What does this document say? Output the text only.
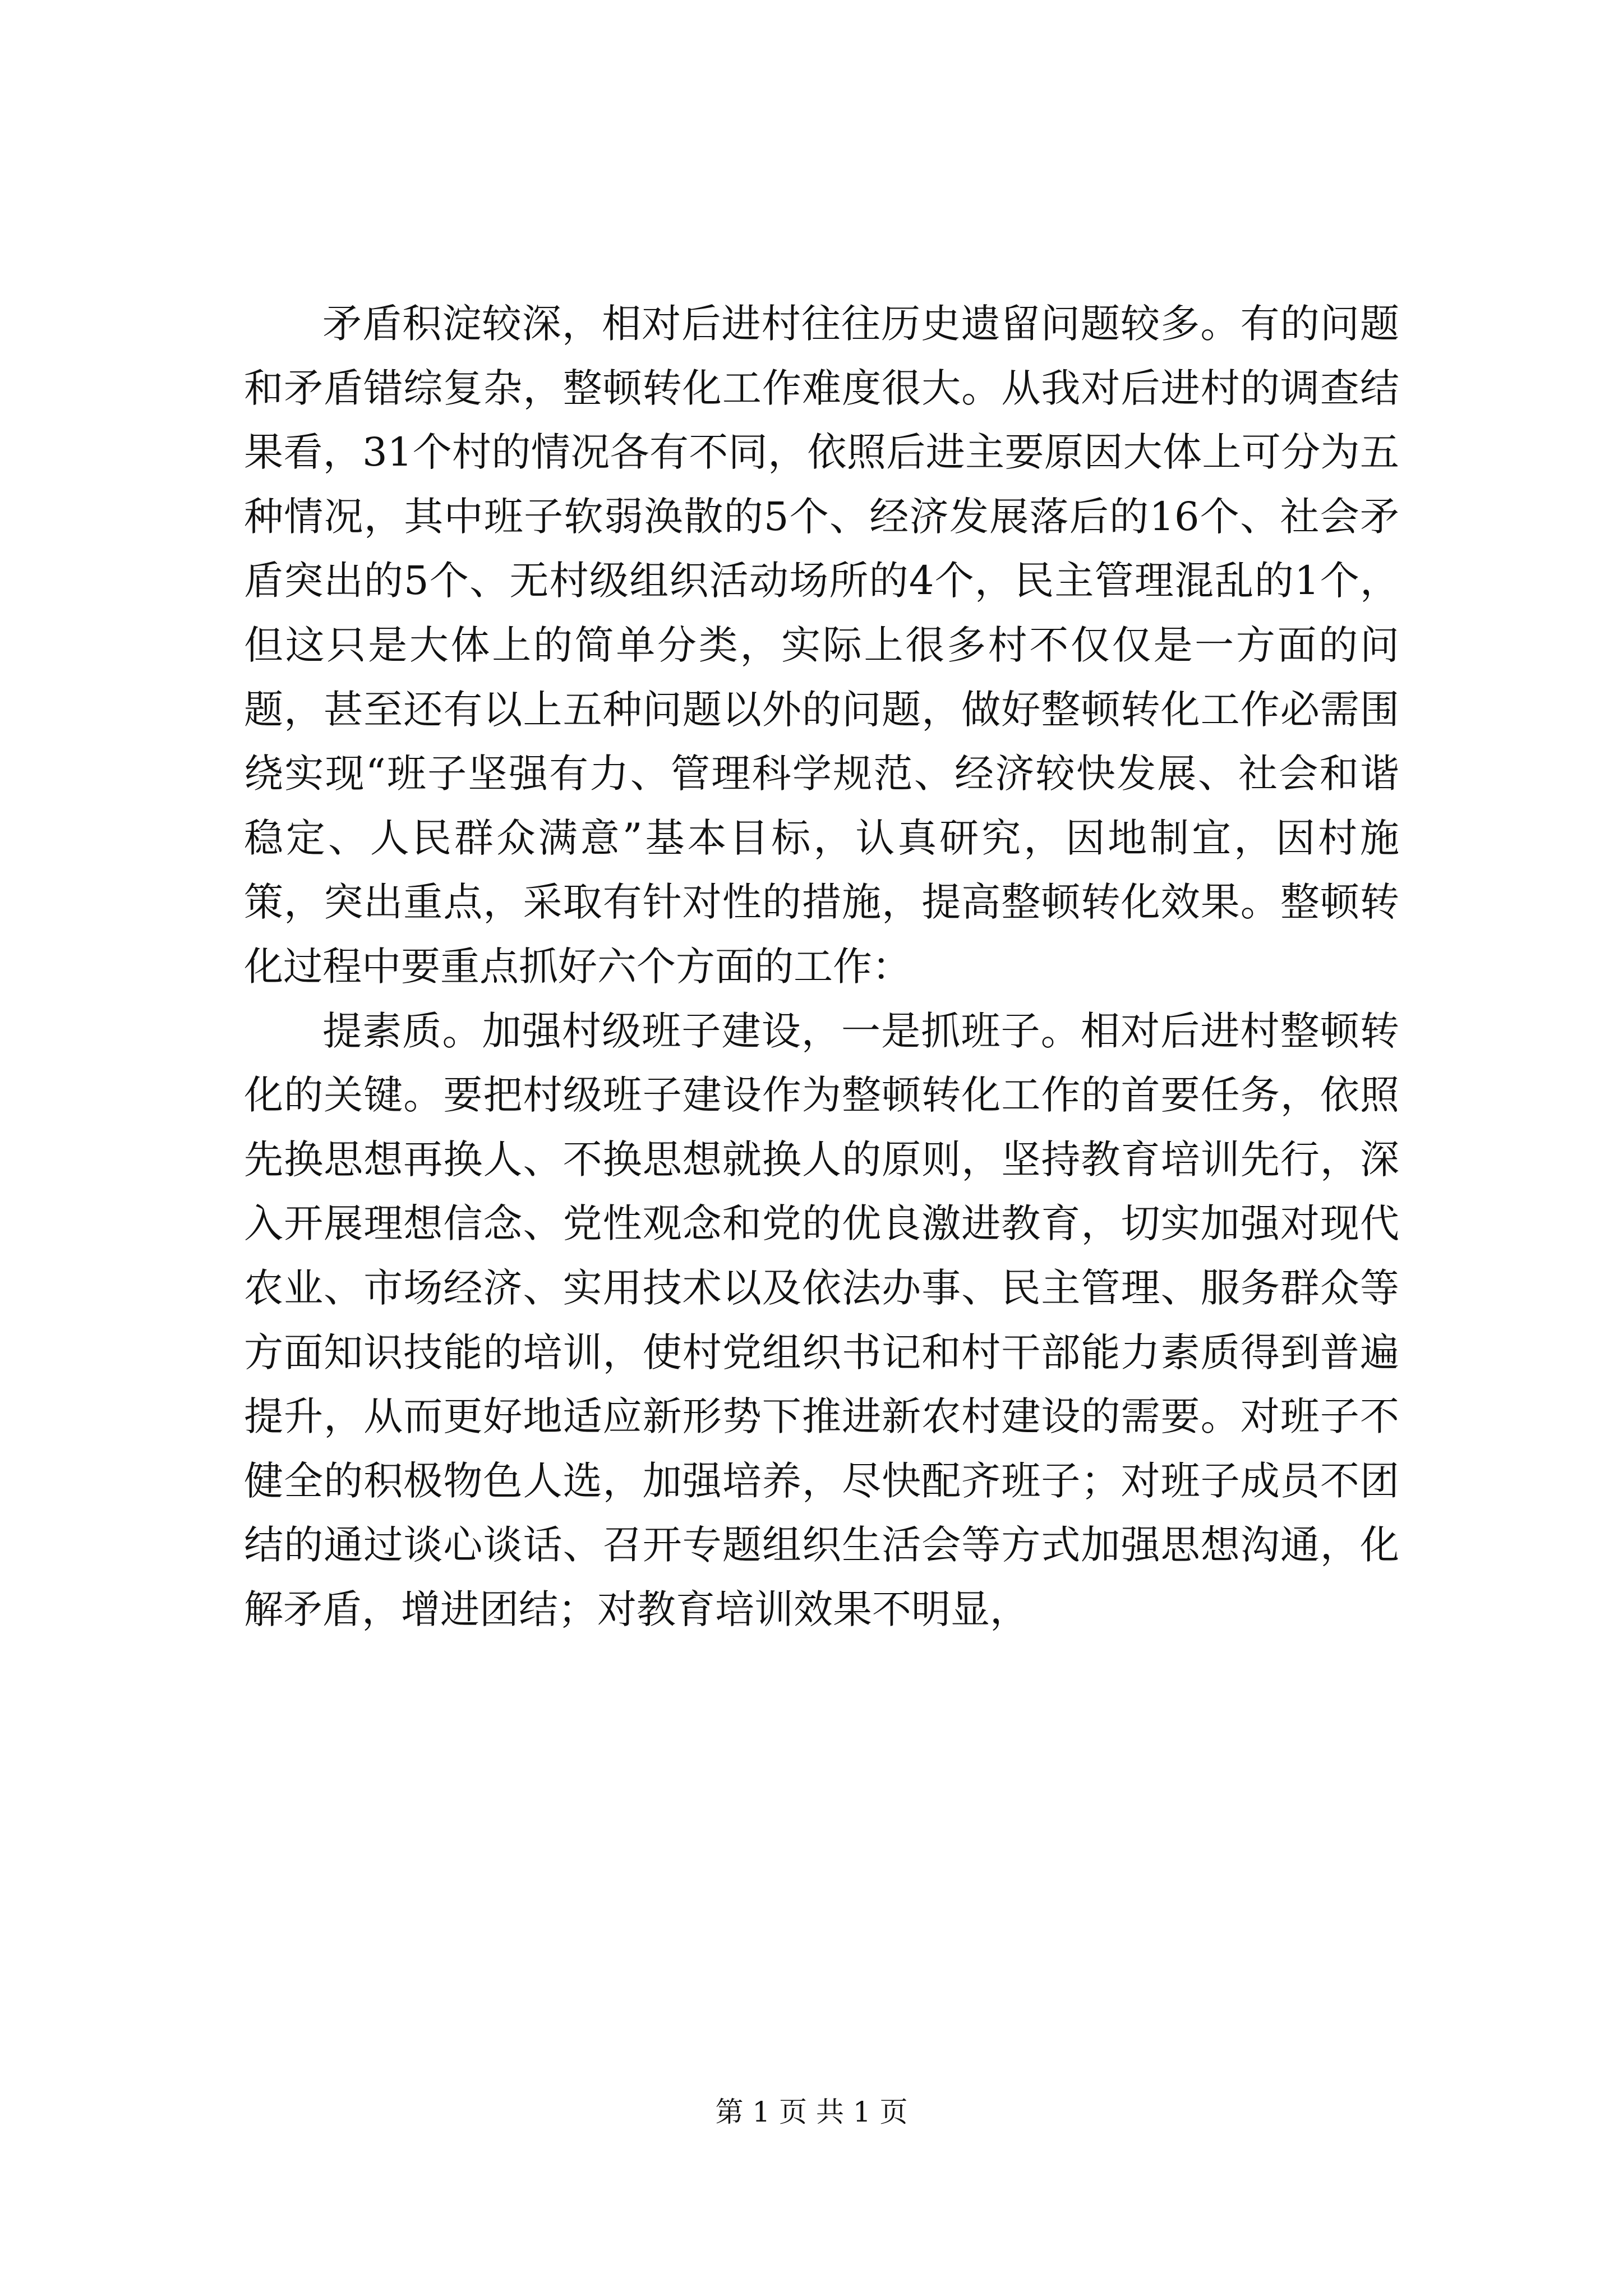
矛盾积淀较深，相对后进村往往历史遗留问题较多。有的问题和矛盾错综复杂，整顿转化工作难度很大。从我对后进村的调查结果看，31个村的情况各有不同，依照后进主要原因大体上可分为五种情况，其中班子软弱涣散的5个、经济发展落后的16个、社会矛盾突出的5个、无村级组织活动场所的4个，民主管理混乱的1个，但这只是大体上的简单分类，实际上很多村不仅仅是一方面的问题，甚至还有以上五种问题以外的问题，做好整顿转化工作必需围绕实现“班子坚强有力、管理科学规范、经济较快发展、社会和谐稳定、人民群众满意”基本目标，认真研究，因地制宜，因村施策，突出重点，采取有针对性的措施，提高整顿转化效果。整顿转化过程中要重点抓好六个方面的工作：

提素质。加强村级班子建设，一是抓班子。相对后进村整顿转化的关键。要把村级班子建设作为整顿转化工作的首要任务，依照先换思想再换人、不换思想就换人的原则，坚持教育培训先行，深入开展理想信念、党性观念和党的优良激进教育，切实加强对现代农业、市场经济、实用技术以及依法办事、民主管理、服务群众等方面知识技能的培训，使村党组织书记和村干部能力素质得到普遍提升，从而更好地适应新形势下推进新农村建设的需要。对班子不健全的积极物色人选，加强培养，尽快配齐班子；对班子成员不团结的通过谈心谈话、召开专题组织生活会等方式加强思想沟通，化解矛盾，增进团结；对教育培训效果不明显，

第 1 页 共 1 页
